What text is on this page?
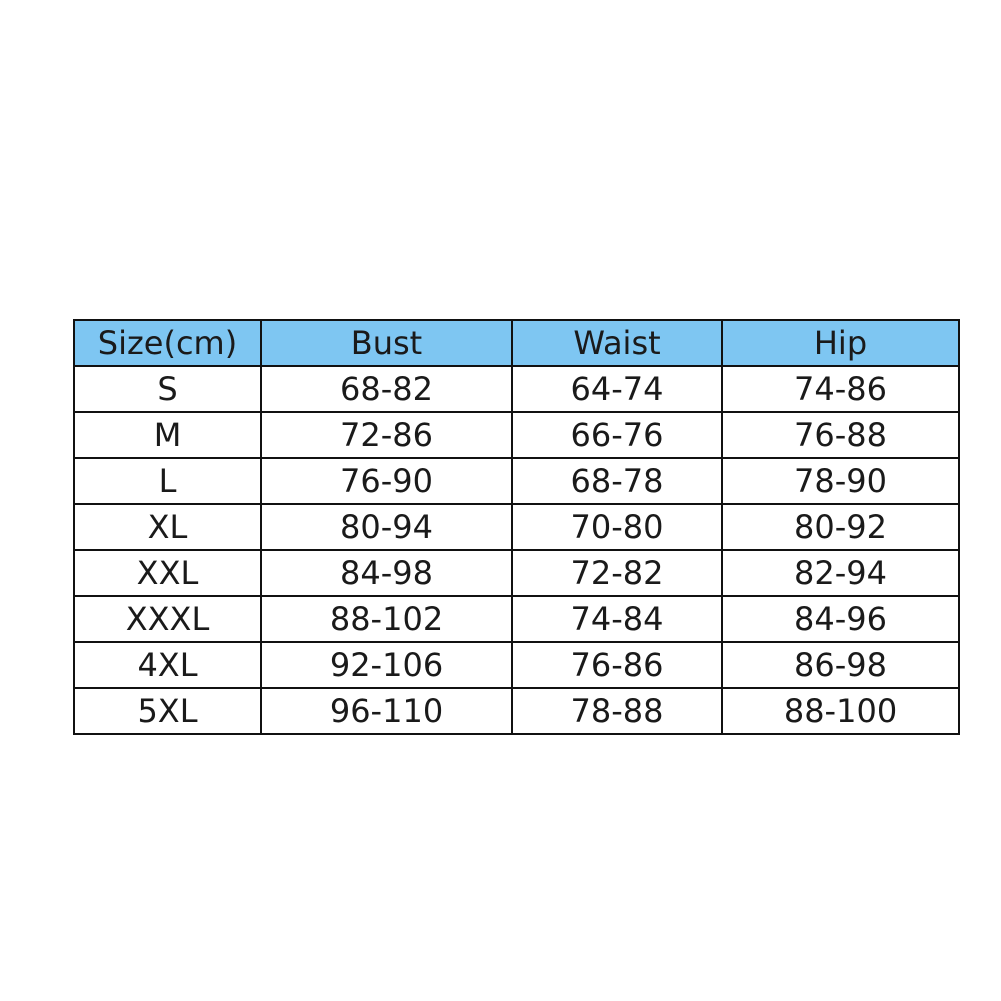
Size(cm)	Bust	Waist	Hip
S	68-82	64-74	74-86
M	72-86	66-76	76-88
L	76-90	68-78	78-90
XL	80-94	70-80	80-92
XXL	84-98	72-82	82-94
XXXL	88-102	74-84	84-96
4XL	92-106	76-86	86-98
5XL	96-110	78-88	88-100
